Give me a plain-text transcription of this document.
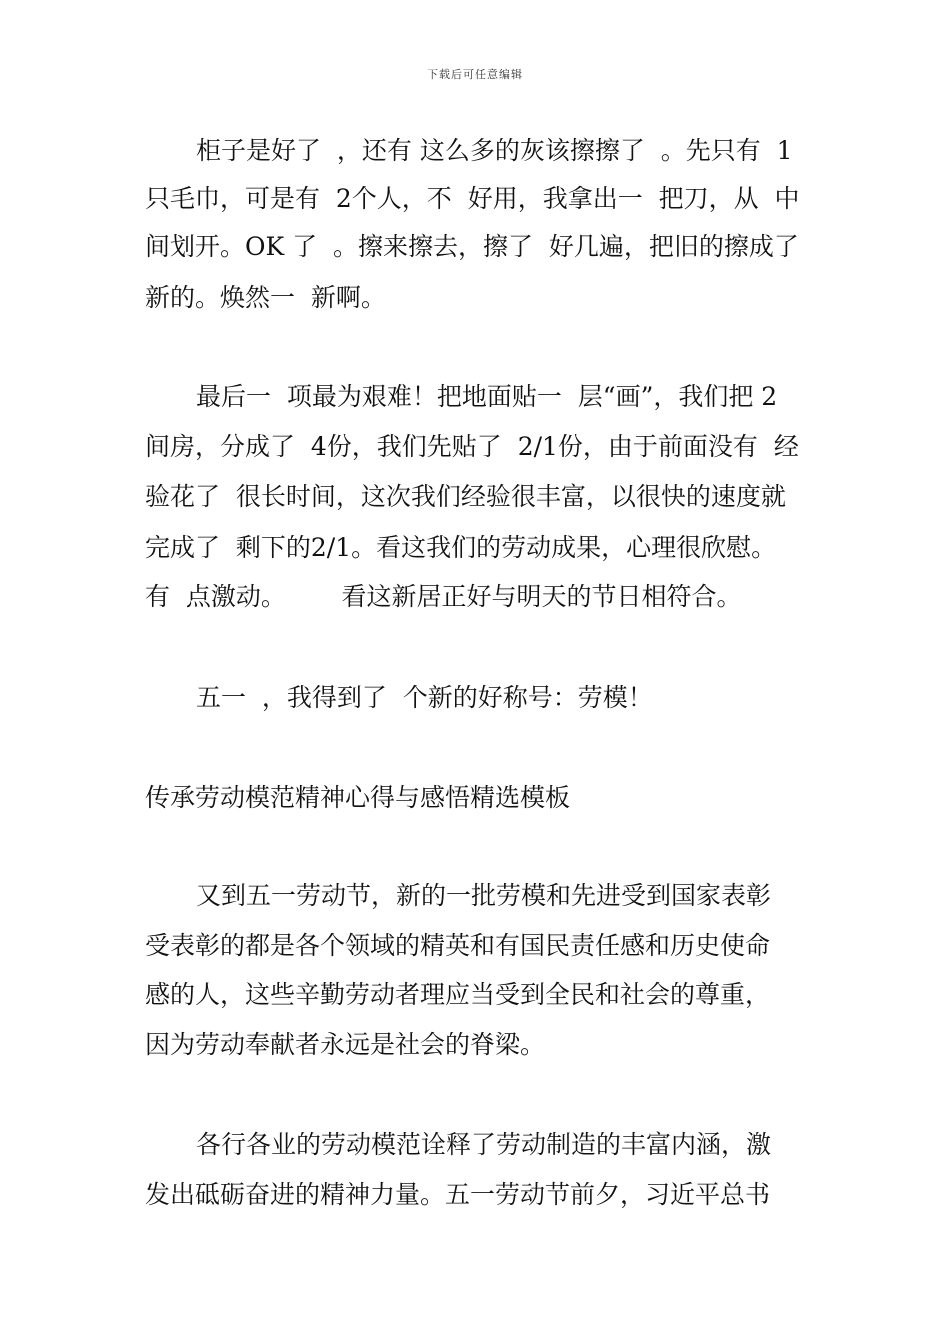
下载后可任意编辑
柜子是好了  ，还有 这么多的灰该擦擦了  。先只有  1
只毛巾，可是有  2个人，不  好用，我拿出一  把刀，从  中
间划开。OK 了  。擦来擦去，擦了  好几遍，把旧的擦成了
新的。焕然一  新啊。
最后一  项最为艰难！把地面贴一  层“画”，我们把 2
间房，分成了  4份，我们先贴了  2/1份，由于前面没有  经
验花了  很长时间，这次我们经验很丰富，以很快的速度就
完成了  剩下的2/1。看这我们的劳动成果，心理很欣慰。
有  点激动。       看这新居正好与明天的节日相符合。
五一  ，我得到了  个新的好称号：劳模！
传承劳动模范精神心得与感悟精选模板
又到五一劳动节，新的一批劳模和先进受到国家表彰
受表彰的都是各个领域的精英和有国民责任感和历史使命
感的人，这些辛勤劳动者理应当受到全民和社会的尊重，
因为劳动奉献者永远是社会的脊梁。
各行各业的劳动模范诠释了劳动制造的丰富内涵，激
发出砥砺奋进的精神力量。五一劳动节前夕，习近平总书
